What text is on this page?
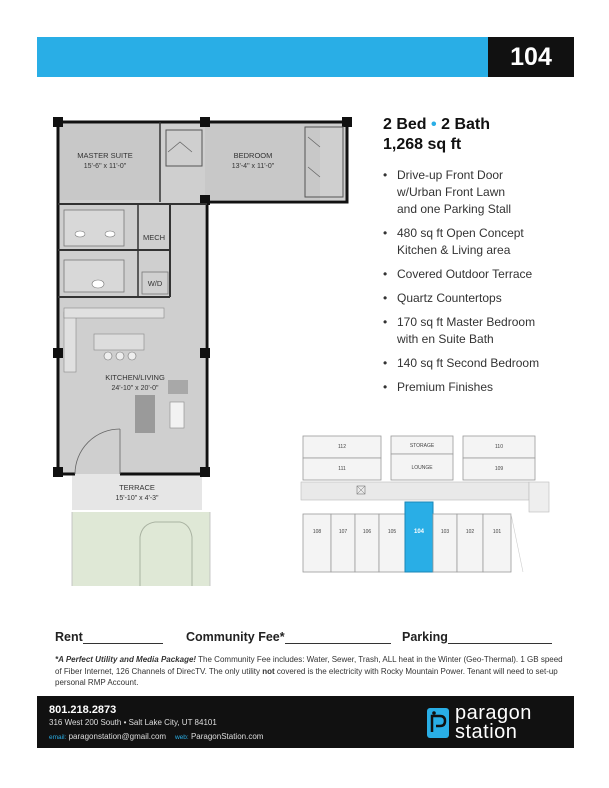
104
MASTER SUITE
15'-6" x 11'-0"
BEDROOM
13'-4" x 11'-0"
MECH
W/D
KITCHEN/LIVING
24'-10" x 20'-0"
TERRACE
15'-10" x 4'-3"
2 Bed • 2 Bath
1,268 sq ft
• Drive-up Front Door
w/Urban Front Lawn
and one Parking Stall
• 480 sq ft Open Concept
Kitchen & Living area
• Covered Outdoor Terrace
• Quartz Countertops
• 170 sq ft Master Bedroom
with en Suite Bath
• 140 sq ft Second Bedroom
• Premium Finishes
112	110
111	109
STORAGE
LOUNGE
108	107	106	105	104	103	102	101
Rent	Community Fee*	Parking
*A Perfect Utility and Media Package! The Community Fee includes: Water, Sewer, Trash, ALL heat in the Winter (Geo-Thermal). 1 GB speed of Fiber Internet, 126 Channels of DirecTV. The only utility not covered is the electricity with Rocky Mountain Power. Tenant will need to set-up personal RMP Account.
801.218.2873
316 West 200 South • Salt Lake City, UT 84101
email: paragonstation@gmail.com web: ParagonStation.com
paragon
station
